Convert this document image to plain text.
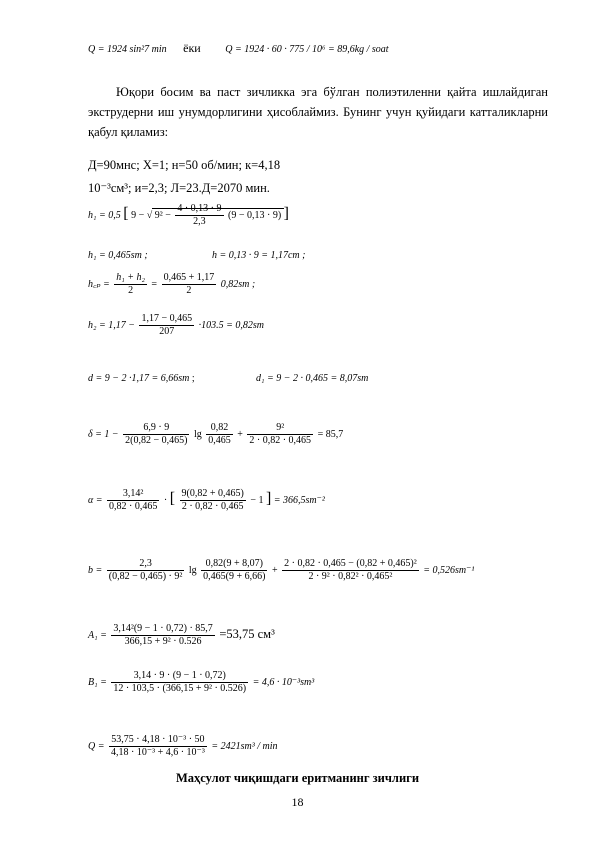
Q = 1924 sin²7 min ёки Q = 1924 · 60 · 775 / 10⁶ = 89,6kg / soat
Юқори босим ва паст зичликка эга бўлган полиэтиленни қайта ишлайдиган экструдерни иш унумдорлигини ҳисоблаймиз. Бунинг учун қуйидаги катталикларни қабул қиламиз:
Д=90мнс; Х=1; н=50 об/мин; к=4,18
10⁻³см³; и=2,3; Л=23.Д=2070 мин.
h₁ = 0,5 [ 9 − √ $9^2 - \frac{4 \cdot 0,13 \cdot 9}{2,3} (9 - 0,13 \cdot 9)$ ]
h₁ = 0,465sm ;	h = 0,13 · 9 = 1,17cm ;
h꜀ₚ = $\frac{\text{h₁ + h₂}}{2} = \frac{0,465 + 1,17}{2} 0,82sm$ ;
$h_2 = 1,17 - \frac{1,17 - 0,465}{207} \cdot 103.5 = 0,82sm$
d = 9 − 2 ·1,17 = 6,66sm ;	d₁ = 9 − 2 · 0,465 = 8,07sm
$\delta = 1 - \frac{6,9 \cdot 9}{2(0,82 - 0,465)}$ $\lg \frac{0,82}{0,465} + \frac{\text{9²}}{2 \cdot 0,82 \cdot 0,465} = 85,7$
$\alpha = \frac{\text{3,14²}}{0,82 \cdot 0,465}$ · [ $\frac{9(0,82 + 0,465)}{2 \cdot 0,82 \cdot 0,465} - 1$ ] = 366,5sm⁻²
$b = \frac{2,3}{\text{(0,82 − 0,465) · 9²}}$ $\lg \frac{0,82(9 + 8,07)}{0,465(9 + 6,66)} + \frac{\text{2 · 0,82 · 0,465 − (0,82 + 0,465)²}}{\text{2 · 9² · 0,82² · 0,465²}} = 0,526sm^{-1}$
$A_1 = \frac{\text{3,14²(9 − 1 · 0,72) · 85,7}}{\text{366,15 + 9² · 0.526}} =53,75$ см³
$B_1 = \frac{3,14 \cdot 9 \cdot (9 - 1 \cdot 0,72)}{\text{12 · 103,5 · (366,15 + 9² · 0.526)}} = 4,6 \cdot 10^{-3}sm^3$
$Q = \frac{\text{53,75 · 4,18 · 10⁻³ · 50}}{\text{4,18 · 10⁻³ + 4,6 · 10⁻³}} = 2421sm^3 / \min$
Маҳсулот чиқишдаги еритманинг зичлиги
18
